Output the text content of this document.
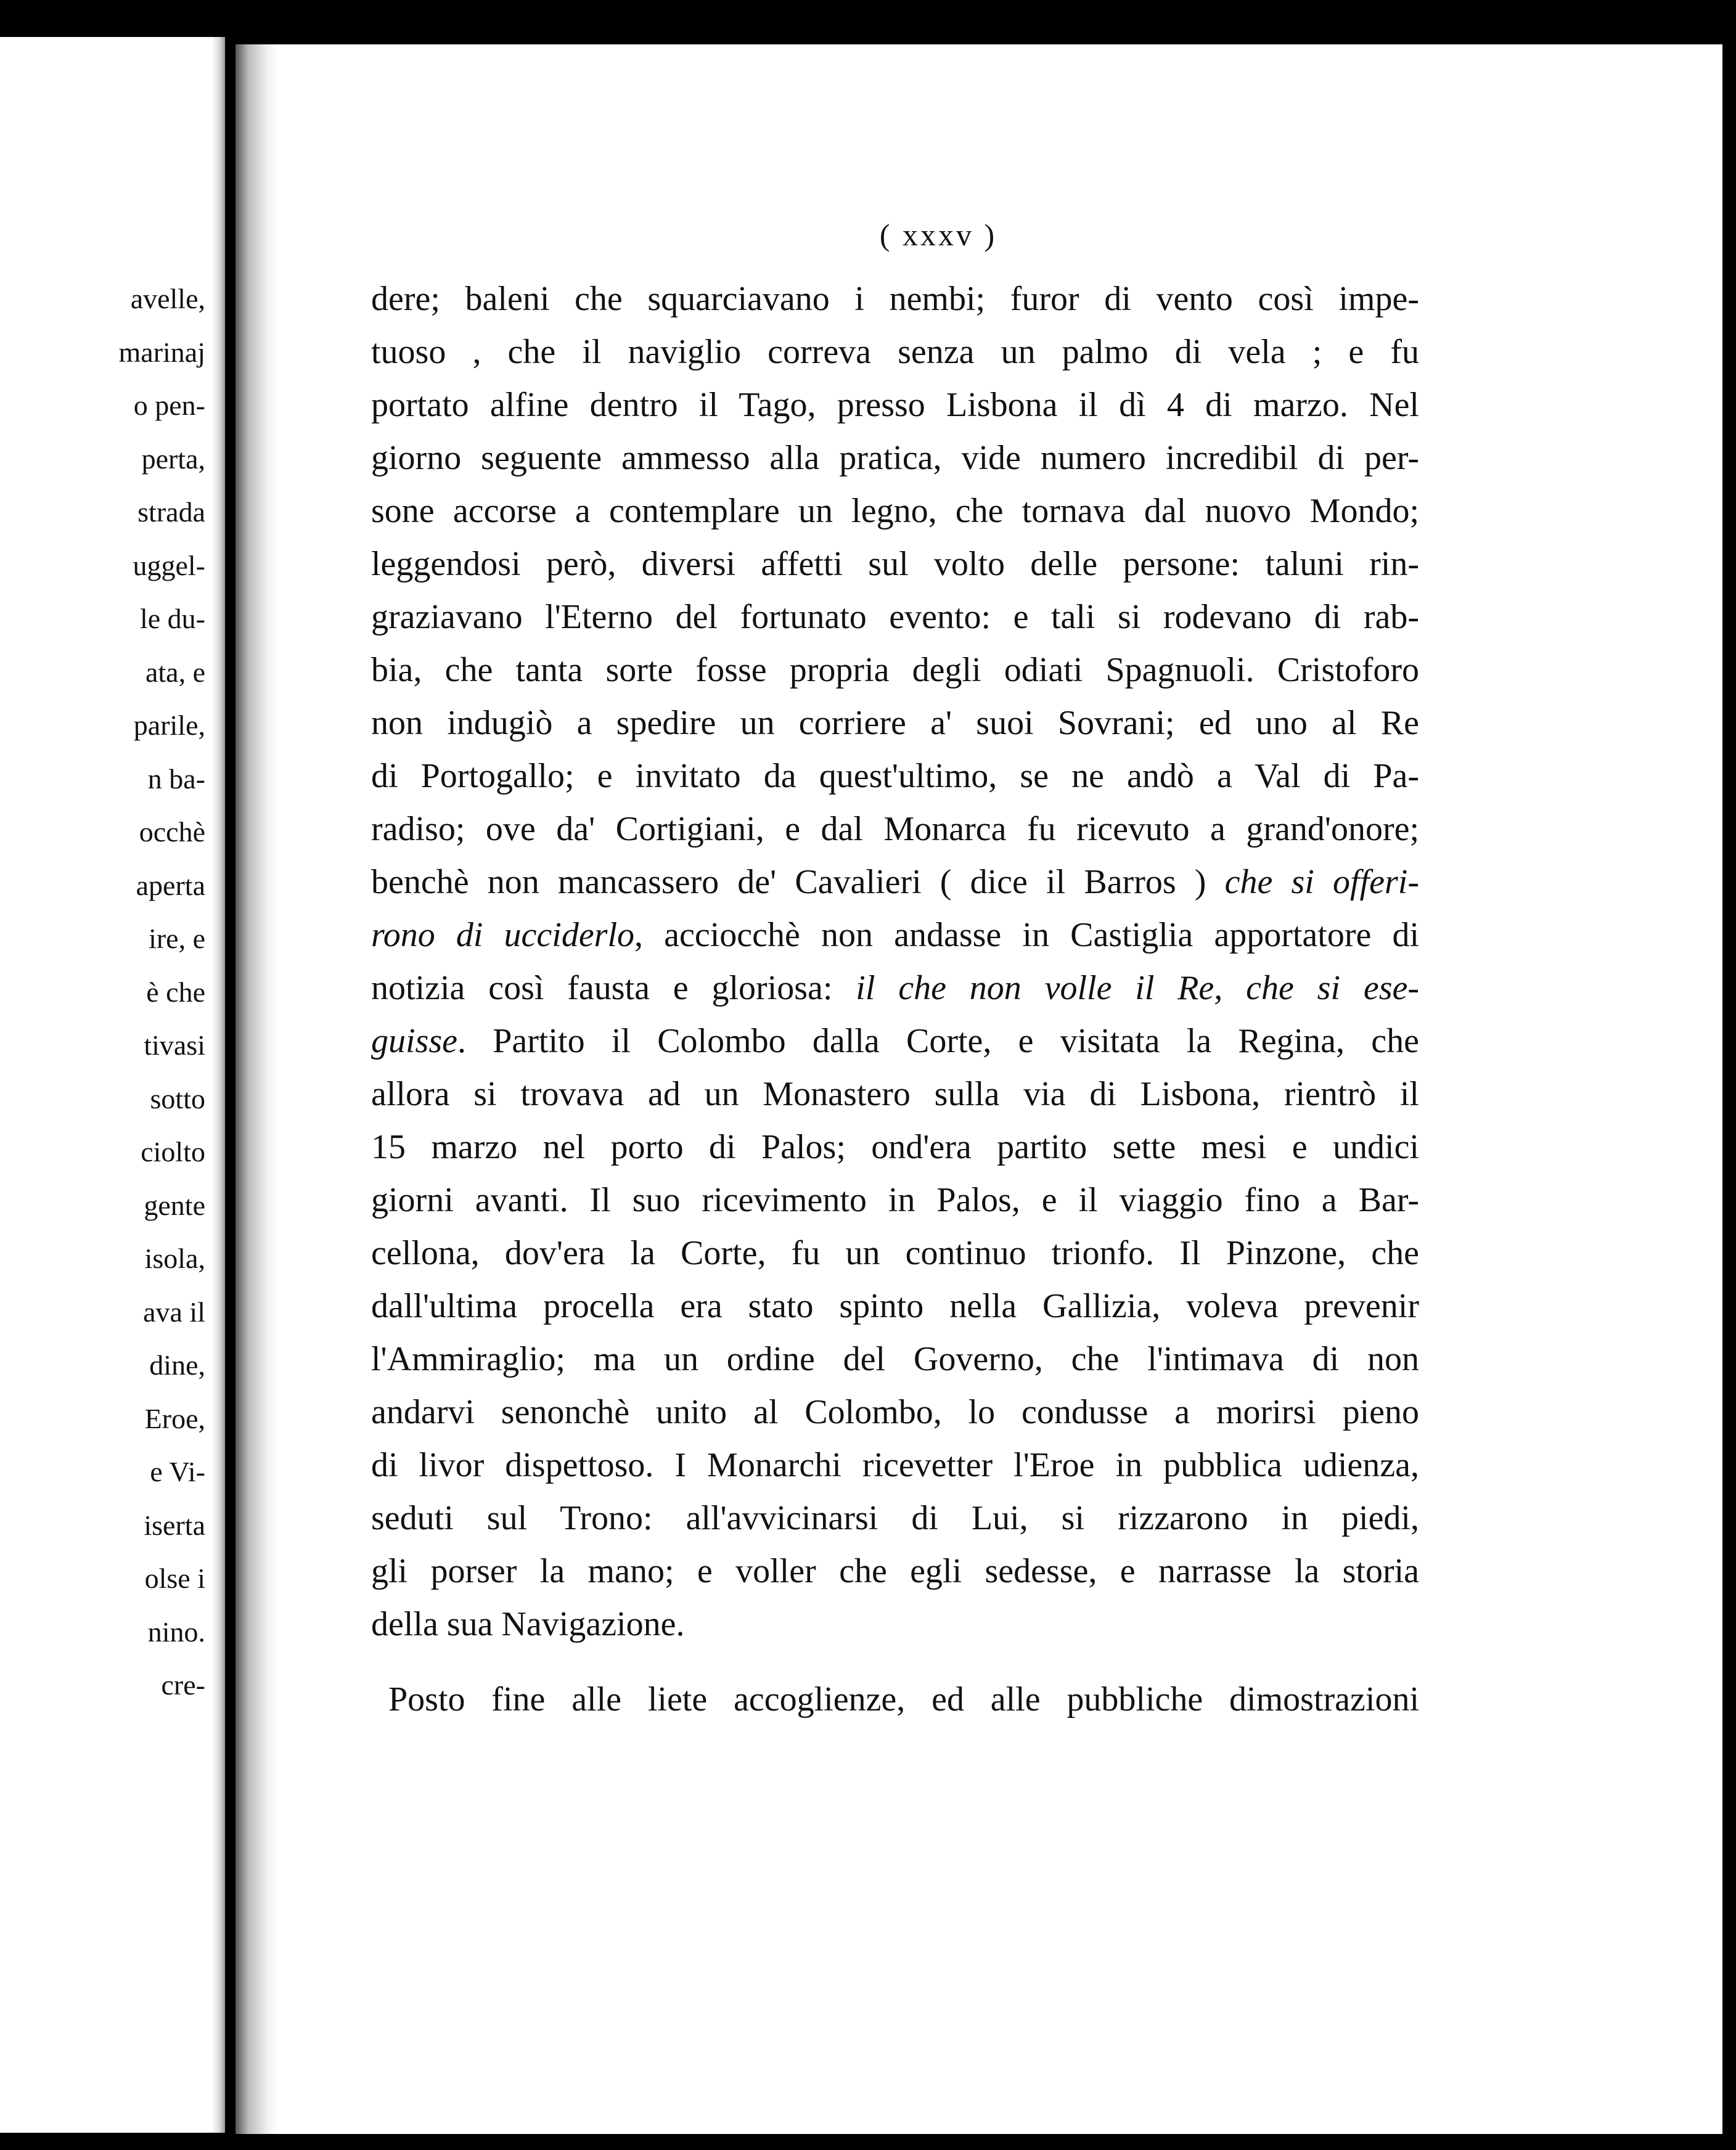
avelle,
marinaj
o pen-
perta,
strada
uggel-
le du-
ata, e
parile,
n ba-
occhè
aperta
ire, e
è che
tivasi
sotto
ciolto
gente
isola,
ava il
dine,
Eroe,
e Vi-
iserta
olse i
nino.
cre-
( xxxv )
dere; baleni che squarciavano i nembi; furor di vento così impe-
tuoso , che il naviglio correva senza un palmo di vela ; e fu
portato alfine dentro il Tago, presso Lisbona il dì 4 di marzo. Nel
giorno seguente ammesso alla pratica, vide numero incredibil di per-
sone accorse a contemplare un legno, che tornava dal nuovo Mondo;
leggendosi però, diversi affetti sul volto delle persone: taluni rin-
graziavano l'Eterno del fortunato evento: e tali si rodevano di rab-
bia, che tanta sorte fosse propria degli odiati Spagnuoli. Cristoforo
non indugiò a spedire un corriere a' suoi Sovrani; ed uno al Re
di Portogallo; e invitato da quest'ultimo, se ne andò a Val di Pa-
radiso; ove da' Cortigiani, e dal Monarca fu ricevuto a grand'onore;
benchè non mancassero de' Cavalieri ( dice il Barros ) che si offeri-
rono di ucciderlo, acciocchè non andasse in Castiglia apportatore di
notizia così fausta e gloriosa: il che non volle il Re, che si ese-
guisse. Partito il Colombo dalla Corte, e visitata la Regina, che
allora si trovava ad un Monastero sulla via di Lisbona, rientrò il
15 marzo nel porto di Palos; ond'era partito sette mesi e undici
giorni avanti. Il suo ricevimento in Palos, e il viaggio fino a Bar-
cellona, dov'era la Corte, fu un continuo trionfo. Il Pinzone, che
dall'ultima procella era stato spinto nella Gallizia, voleva prevenir
l'Ammiraglio; ma un ordine del Governo, che l'intimava di non
andarvi senonchè unito al Colombo, lo condusse a morirsi pieno
di livor dispettoso. I Monarchi ricevetter l'Eroe in pubblica udienza,
seduti sul Trono: all'avvicinarsi di Lui, si rizzarono in piedi,
gli porser la mano; e voller che egli sedesse, e narrasse la storia
della sua Navigazione.
Posto fine alle liete accoglienze, ed alle pubbliche dimostrazioni
